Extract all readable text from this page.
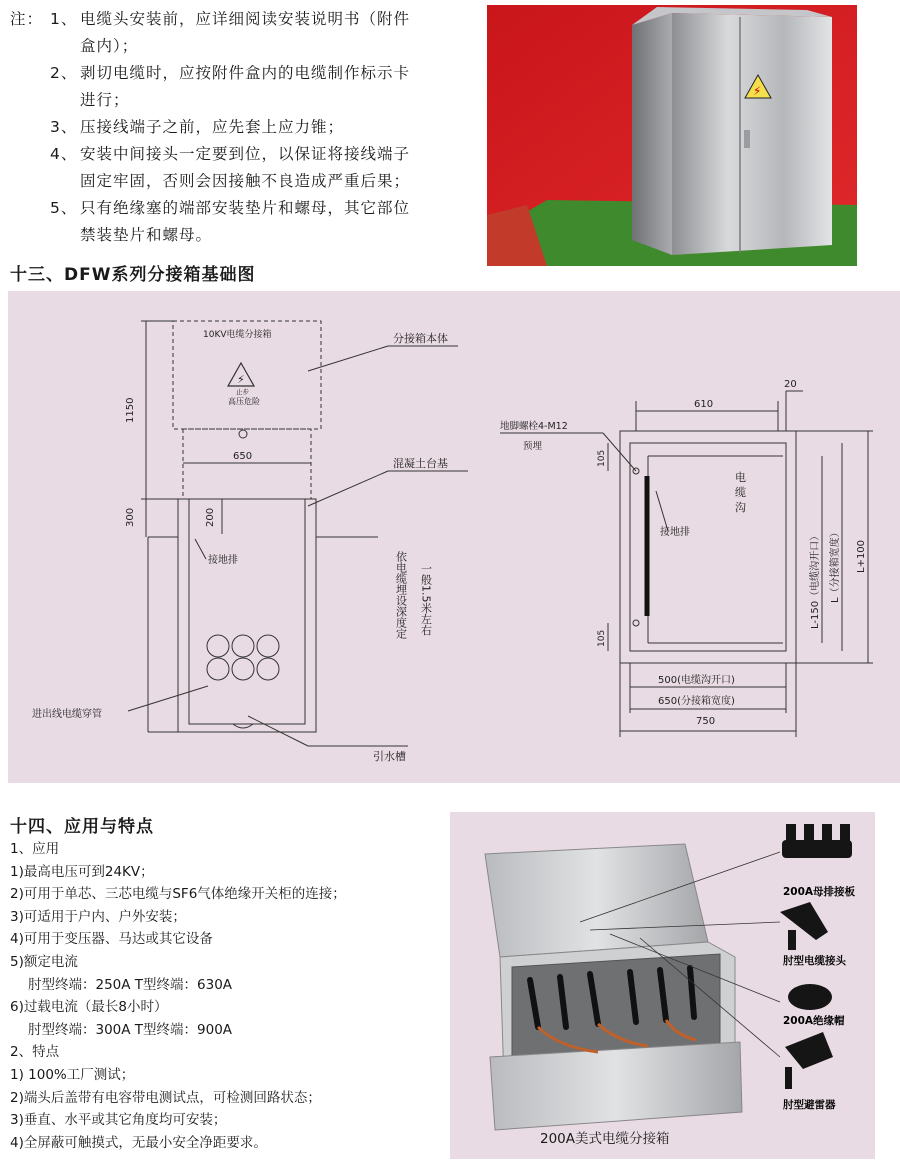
注： 1、 电缆头安装前，应详细阅读安装说明书（附件
盒内）；
2、 剥切电缆时，应按附件盒内的电缆制作标示卡
进行；
3、 压接线端子之前，应先套上应力锥；
4、 安装中间接头一定要到位，以保证将接线端子
固定牢固，否则会因接触不良造成严重后果；
5、 只有绝缘塞的端部安装垫片和螺母，其它部位
禁装垫片和螺母。
⚡
十三、DFW系列分接箱基础图
⚡
10KV电缆分接箱
止步
高压危险
1150
300
650
200
分接箱本体
混凝土台基
接地排	依电缆埋设深度定 一般1.5米左右
进出线电缆穿管
引水槽
610
20
地脚螺栓4-M12
预埋
105
105
电
缆
沟
接地排	L-150（电缆沟开口） L（分接箱宽度） L+100
500(电缆沟开口)
650(分接箱宽度)
750
十四、应用与特点
1、应用
1)最高电压可到24KV；
2)可用于单芯、三芯电缆与SF6气体绝缘开关柜的连接；
3)可适用于户内、户外安装；
4)可用于变压器、马达或其它设备
5)额定电流
肘型终端：250A T型终端：630A
6)过载电流（最长8小时）
肘型终端：300A T型终端：900A
2、特点
1) 100%工厂测试；
2)端头后盖带有电容带电测试点，可检测回路状态；
3)垂直、水平或其它角度均可安装；
4)全屏蔽可触摸式，无最小安全净距要求。
200A母排接板
肘型电缆接头
200A绝缘帽
肘型避雷器
200A美式电缆分接箱
